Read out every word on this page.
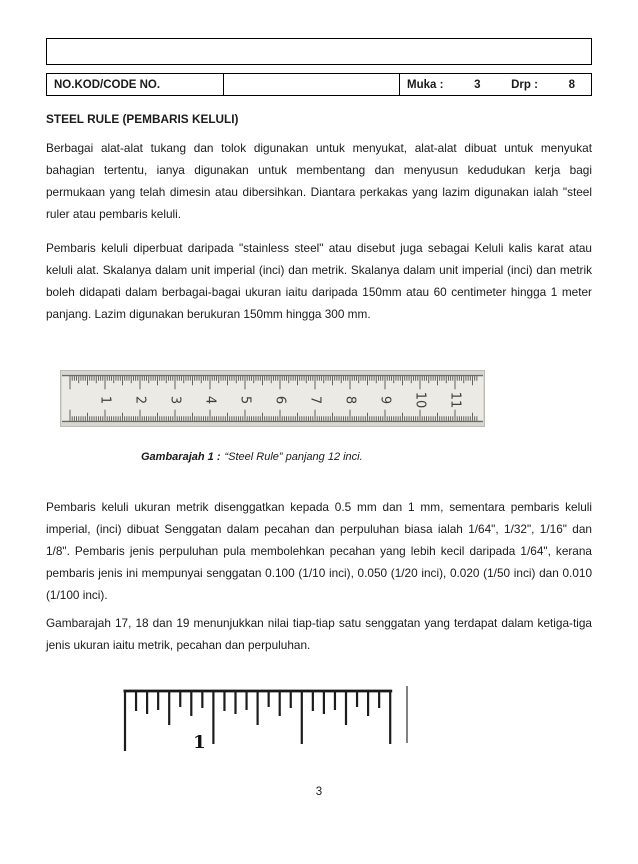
NO.KOD/CODE NO.	Muka :	3	Drp :	8
STEEL RULE (PEMBARIS KELULI)

Berbagai alat-alat tukang dan tolok digunakan untuk menyukat, alat-alat dibuat untuk menyukat bahagian tertentu, ianya digunakan untuk membentang dan menyusun kedudukan kerja bagi permukaan yang telah dimesin atau dibersihkan. Diantara perkakas yang lazim digunakan ialah "steel ruler atau pembaris keluli.

Pembaris keluli diperbuat daripada "stainless steel" atau disebut juga sebagai Keluli kalis karat atau keluli alat. Skalanya dalam unit imperial (inci) dan metrik. Skalanya dalam unit imperial (inci) dan metrik boleh didapati dalam berbagai-bagai ukuran iaitu daripada 150mm atau 60 centimeter hingga 1 meter panjang. Lazim digunakan berukuran 150mm hingga 300 mm.

1 2 3 4 5 6 7 8 9 10 11
Gambarajah 1 : “Steel Rule” panjang 12 inci.

Pembaris keluli ukuran metrik disenggatkan kepada 0.5 mm dan 1 mm, sementara pembaris keluli imperial, (inci) dibuat Senggatan dalam pecahan dan perpuluhan biasa ialah 1/64", 1/32", 1/16" dan 1/8". Pembaris jenis perpuluhan pula membolehkan pecahan yang lebih kecil daripada 1/64", kerana pembaris jenis ini mempunyai senggatan 0.100 (1/10 inci), 0.050 (1/20 inci), 0.020 (1/50 inci) dan 0.010 (1/100 inci).

Gambarajah 17, 18 dan 19 menunjukkan nilai tiap-tiap satu senggatan yang terdapat dalam ketiga-tiga jenis ukuran iaitu metrik, pecahan dan perpuluhan.

1
3
